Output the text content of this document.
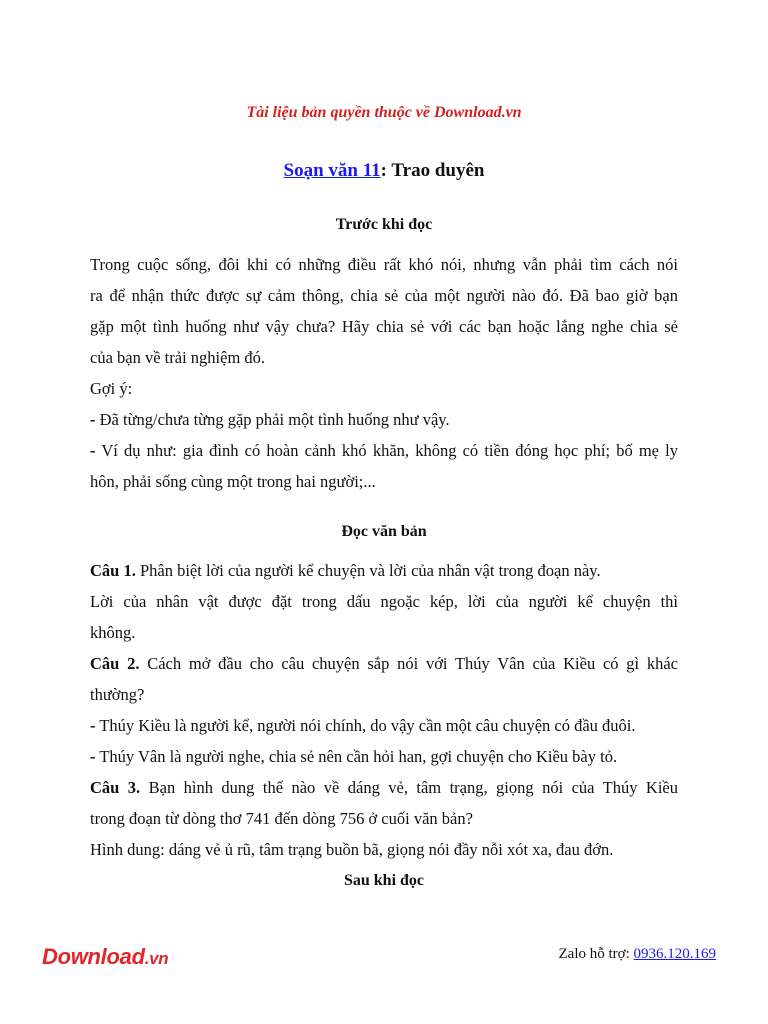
Tài liệu bản quyền thuộc về Download.vn
Soạn văn 11: Trao duyên
Trước khi đọc
Trong cuộc sống, đôi khi có những điều rất khó nói, nhưng vẫn phải tìm cách nói
ra để nhận thức được sự cảm thông, chia sẻ của một người nào đó. Đã bao giờ bạn
gặp một tình huống như vậy chưa? Hãy chia sẻ với các bạn hoặc lắng nghe chia sẻ
của bạn về trải nghiệm đó.
Gợi ý:
- Đã từng/chưa từng gặp phải một tình huống như vậy.
- Ví dụ như: gia đình có hoàn cảnh khó khăn, không có tiền đóng học phí; bố mẹ ly
hôn, phải sống cùng một trong hai người;...
Đọc văn bản
Câu 1. Phân biệt lời của người kể chuyện và lời của nhân vật trong đoạn này.
Lời của nhân vật được đặt trong dấu ngoặc kép, lời của người kể chuyện thì
không.
Câu 2. Cách mở đầu cho câu chuyện sắp nói với Thúy Vân của Kiều có gì khác
thường?
- Thúy Kiều là người kể, người nói chính, do vậy cần một câu chuyện có đầu đuôi.
- Thúy Vân là người nghe, chia sẻ nên cần hỏi han, gợi chuyện cho Kiều bày tỏ.
Câu 3. Bạn hình dung thế nào về dáng vẻ, tâm trạng, giọng nói của Thúy Kiều
trong đoạn từ dòng thơ 741 đến dòng 756 ở cuối văn bản?
Hình dung: dáng vẻ ủ rũ, tâm trạng buồn bã, giọng nói đầy nỗi xót xa, đau đớn.
Sau khi đọc
Download.vn	Zalo hỗ trợ: 0936.120.169
